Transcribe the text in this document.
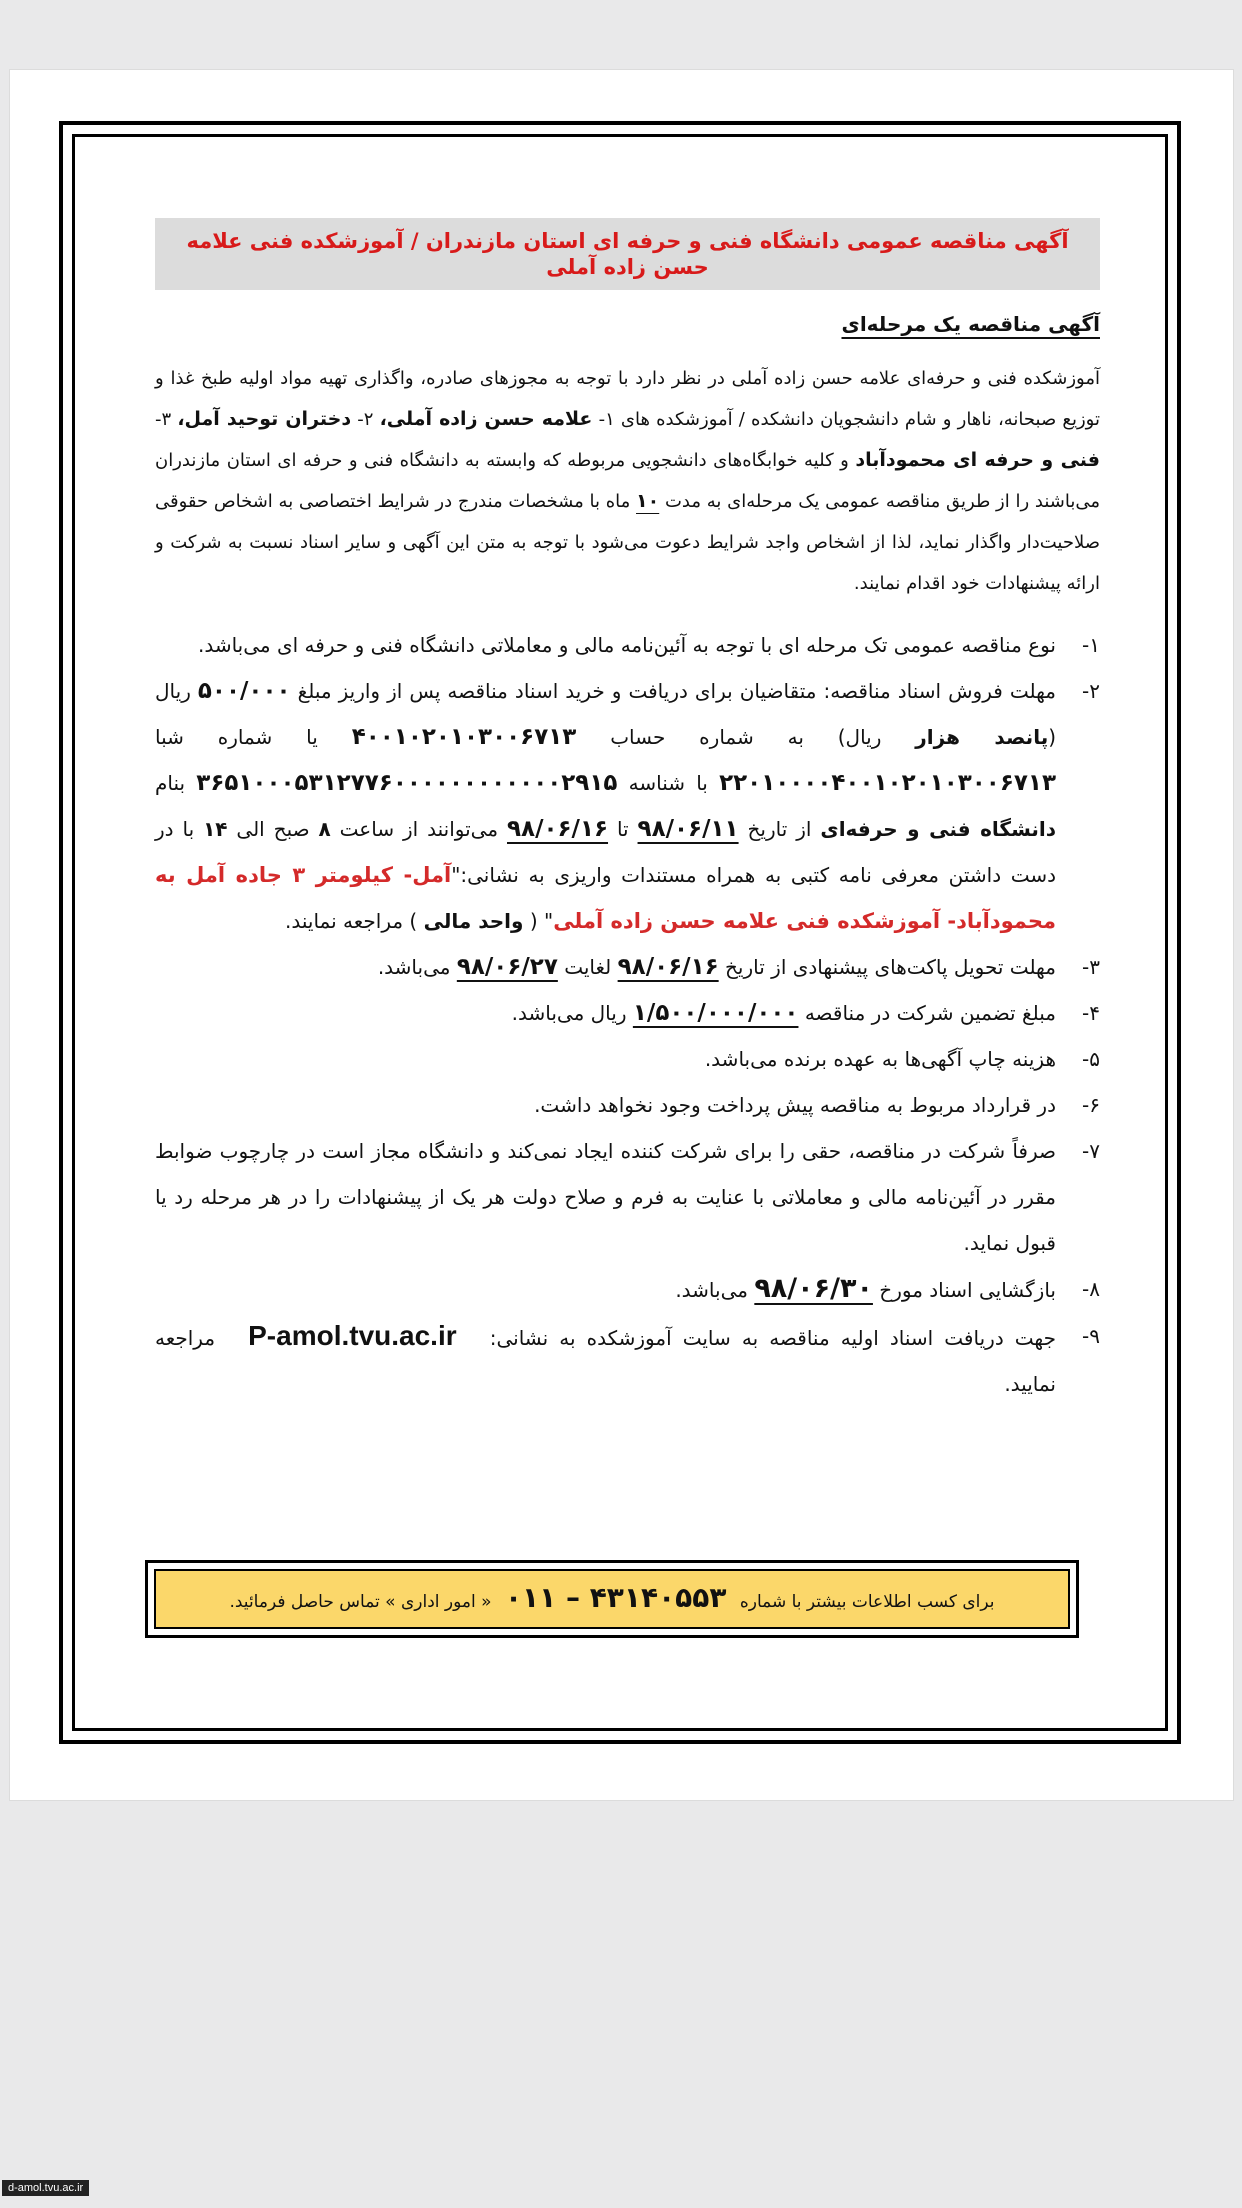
آگهی مناقصه عمومی دانشگاه فنی و حرفه ای استان مازندران / آموزشکده فنی علامه حسن زاده آملی
آگهی مناقصه یک مرحله‌ای

آموزشکده فنی و حرفه‌ای علامه حسن زاده آملی در نظر دارد با توجه به مجوزهای صادره، واگذاری تهیه مواد اولیه طبخ غذا و توزیع صبحانه، ناهار و شام دانشجویان دانشکده / آموزشکده های ۱- علامه حسن زاده آملی، ۲- دختران توحید آمل، ۳- فنی و حرفه ای محمودآباد و کلیه خوابگاه‌های دانشجویی مربوطه که وابسته به دانشگاه فنی و حرفه ای استان مازندران می‌باشند را از طریق مناقصه عمومی یک مرحله‌ای به مدت ۱۰ ماه با مشخصات مندرج در شرایط اختصاصی به اشخاص حقوقی صلاحیت‌دار واگذار نماید، لذا از اشخاص واجد شرایط دعوت می‌شود با توجه به متن این آگهی و سایر اسناد نسبت به شرکت و ارائه پیشنهادات خود اقدام نمایند.

۱-
نوع مناقصه عمومی تک مرحله ای با توجه به آئین‌نامه مالی و معاملاتی دانشگاه فنی و حرفه ای می‌باشد.
۲-
مهلت فروش اسناد مناقصه: متقاضیان برای دریافت و خرید اسناد مناقصه پس از واریز مبلغ ۵۰۰/۰۰۰ ریال (پانصد هزار ریال) به شماره حساب ۴۰۰۱۰۲۰۱۰۳۰۰۶۷۱۳ یا شماره شبا ۲۲۰۱۰۰۰۰۴۰۰۱۰۲۰۱۰۳۰۰۶۷۱۳ با شناسه ۳۶۵۱۰۰۰۵۳۱۲۷۷۶۰۰۰۰۰۰۰۰۰۰۰۰۲۹۱۵ بنام دانشگاه فنی و حرفه‌ای از تاریخ ۹۸/۰۶/۱۱ تا ۹۸/۰۶/۱۶ می‌توانند از ساعت ۸ صبح الی ۱۴ با در دست داشتن معرفی نامه کتبی به همراه مستندات واریزی به نشانی:"آمل- کیلومتر ۳ جاده آمل به محمودآباد- آموزشکده فنی علامه حسن زاده آملی" ( واحد مالی ) مراجعه نمایند.
۳-
مهلت تحویل پاکت‌های پیشنهادی از تاریخ ۹۸/۰۶/۱۶ لغایت ۹۸/۰۶/۲۷ می‌باشد.
۴-
مبلغ تضمین شرکت در مناقصه ۱/۵۰۰/۰۰۰/۰۰۰ ریال می‌باشد.
۵-
هزینه چاپ آگهی‌ها به عهده برنده می‌باشد.
۶-
در قرارداد مربوط به مناقصه پیش پرداخت وجود نخواهد داشت.
۷-
صرفاً شرکت در مناقصه، حقی را برای شرکت کننده ایجاد نمی‌کند و دانشگاه مجاز است در چارچوب ضوابط مقرر در آئین‌نامه مالی و معاملاتی با عنایت به فرم و صلاح دولت هر یک از پیشنهادات را در هر مرحله رد یا قبول نماید.
۸-
بازگشایی اسناد مورخ ۹۸/۰۶/۳۰ می‌باشد.
۹-
جهت دریافت اسناد اولیه مناقصه به سایت آموزشکده به نشانی: P-amol.tvu.ac.ir مراجعه نمایید.
برای کسب اطلاعات بیشتر با شماره ۰۱۱ – ۴۳۱۴۰۵۵۳ « امور اداری » تماس حاصل فرمائید.
d-amol.tvu.ac.ir
